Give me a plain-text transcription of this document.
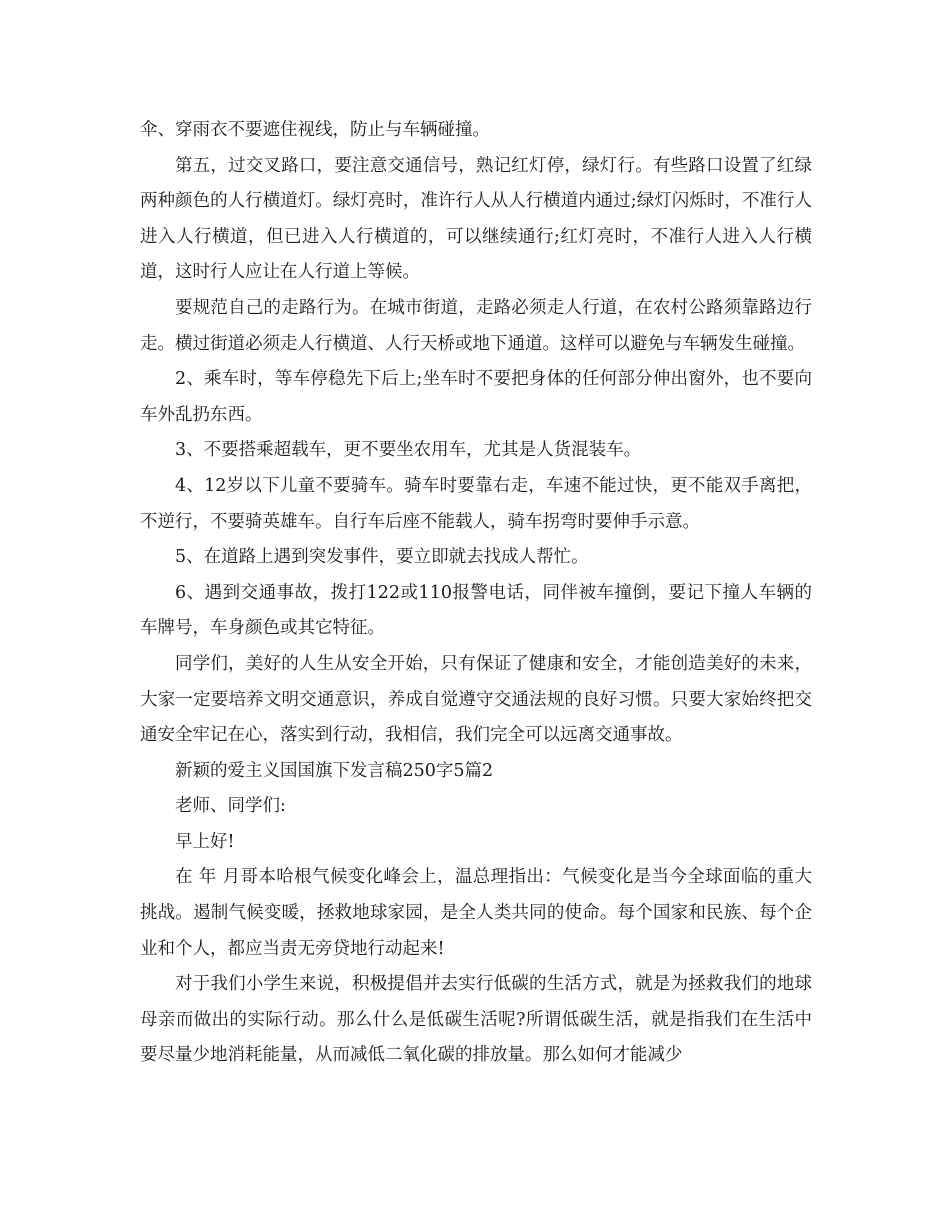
伞、穿雨衣不要遮住视线，防止与车辆碰撞。

第五，过交叉路口，要注意交通信号，熟记红灯停，绿灯行。有些路口设置了红绿两种颜色的人行横道灯。绿灯亮时，准许行人从人行横道内通过;绿灯闪烁时，不准行人进入人行横道，但已进入人行横道的，可以继续通行;红灯亮时，不准行人进入人行横道，这时行人应让在人行道上等候。

要规范自己的走路行为。在城市街道，走路必须走人行道，在农村公路须靠路边行走。横过街道必须走人行横道、人行天桥或地下通道。这样可以避免与车辆发生碰撞。

2、乘车时，等车停稳先下后上;坐车时不要把身体的任何部分伸出窗外，也不要向车外乱扔东西。

3、不要搭乘超载车，更不要坐农用车，尤其是人货混装车。

4、12岁以下儿童不要骑车。骑车时要靠右走，车速不能过快，更不能双手离把，不逆行，不要骑英雄车。自行车后座不能载人，骑车拐弯时要伸手示意。

5、在道路上遇到突发事件，要立即就去找成人帮忙。

6、遇到交通事故，拨打122或110报警电话，同伴被车撞倒，要记下撞人车辆的车牌号，车身颜色或其它特征。

同学们，美好的人生从安全开始，只有保证了健康和安全，才能创造美好的未来，大家一定要培养文明交通意识，养成自觉遵守交通法规的良好习惯。只要大家始终把交通安全牢记在心，落实到行动，我相信，我们完全可以远离交通事故。

新颖的爱主义国国旗下发言稿250字5篇2

老师、同学们:

早上好!

在 年 月哥本哈根气候变化峰会上，温总理指出：气候变化是当今全球面临的重大挑战。遏制气候变暖，拯救地球家园，是全人类共同的使命。每个国家和民族、每个企业和个人，都应当责无旁贷地行动起来!

对于我们小学生来说，积极提倡并去实行低碳的生活方式，就是为拯救我们的地球母亲而做出的实际行动。那么什么是低碳生活呢?所谓低碳生活，就是指我们在生活中要尽量少地消耗能量，从而减低二氧化碳的排放量。那么如何才能减少
